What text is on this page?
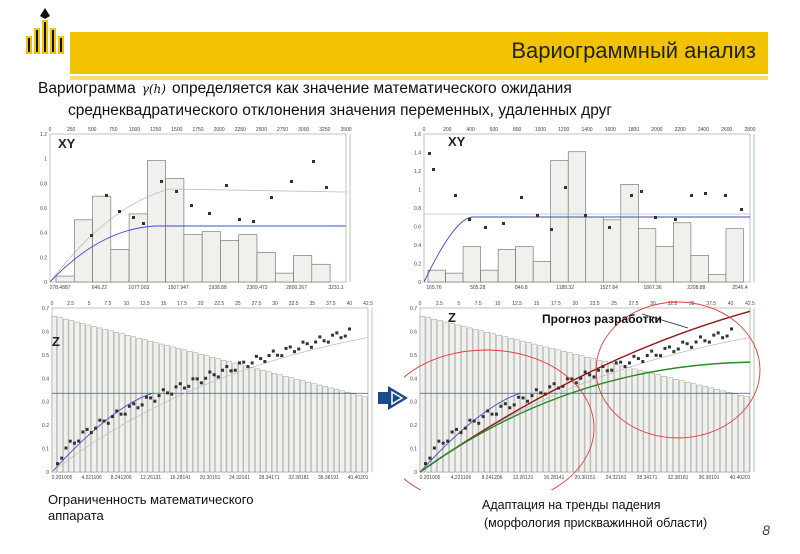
Вариограммный анализ
Вариограмма γ(h) определяется как значение математического ожидания
среднеквадратического отклонения значения переменных, удаленных друг
0	250	500	750 1000 1250 1500 1750 2000 2250 2500 2750 3000 3250 3500
278.4887	646.22	1077.003	1507.947	1938.88	2369.473	2800.267	3231.1
0
0.2
0.4
0.6
0.8
1
1.2
0	200	400	600	800	1000 1200 1400 1600 1800 2000 2200 2400 2600 2800
165.76	505.28	846.8	1188.32	1527.84	1867.36	2208.88	2546.4
0
0.2
0.4
0.6
0.8
1
1.2
1.4
1.6
0	2.5	5	7.5 10 12.5 15 17.5 20 22.5 25 27.5 30 32.5 35 37.5 40 42.5
0.201005 4.221106 8.241206 12.26131 16.28141 20.30151 24.32161 28.34171 32.38181 36.38191 40.40201
0
0.1
0.2
0.3
0.4
0.5
0.6
0.7
0	2.5	5	7.5	10 12.5 15 17.5 20 22.5 25 27.5 30 32.5 35 37.5 40 42.5
0.201005 4.221106 8.241206 12.26131 16.28141 20.30151 24.32161 28.34171 32.38181 36.38191 40.40201
0
0.1
0.2
0.3
0.4
0.5
0.6
0.7
XY	XY
Z
Z	Прогноз разработки
Ограниченность математического
аппарата
Адаптация на тренды падения
(морфология прискважинной области)	8
